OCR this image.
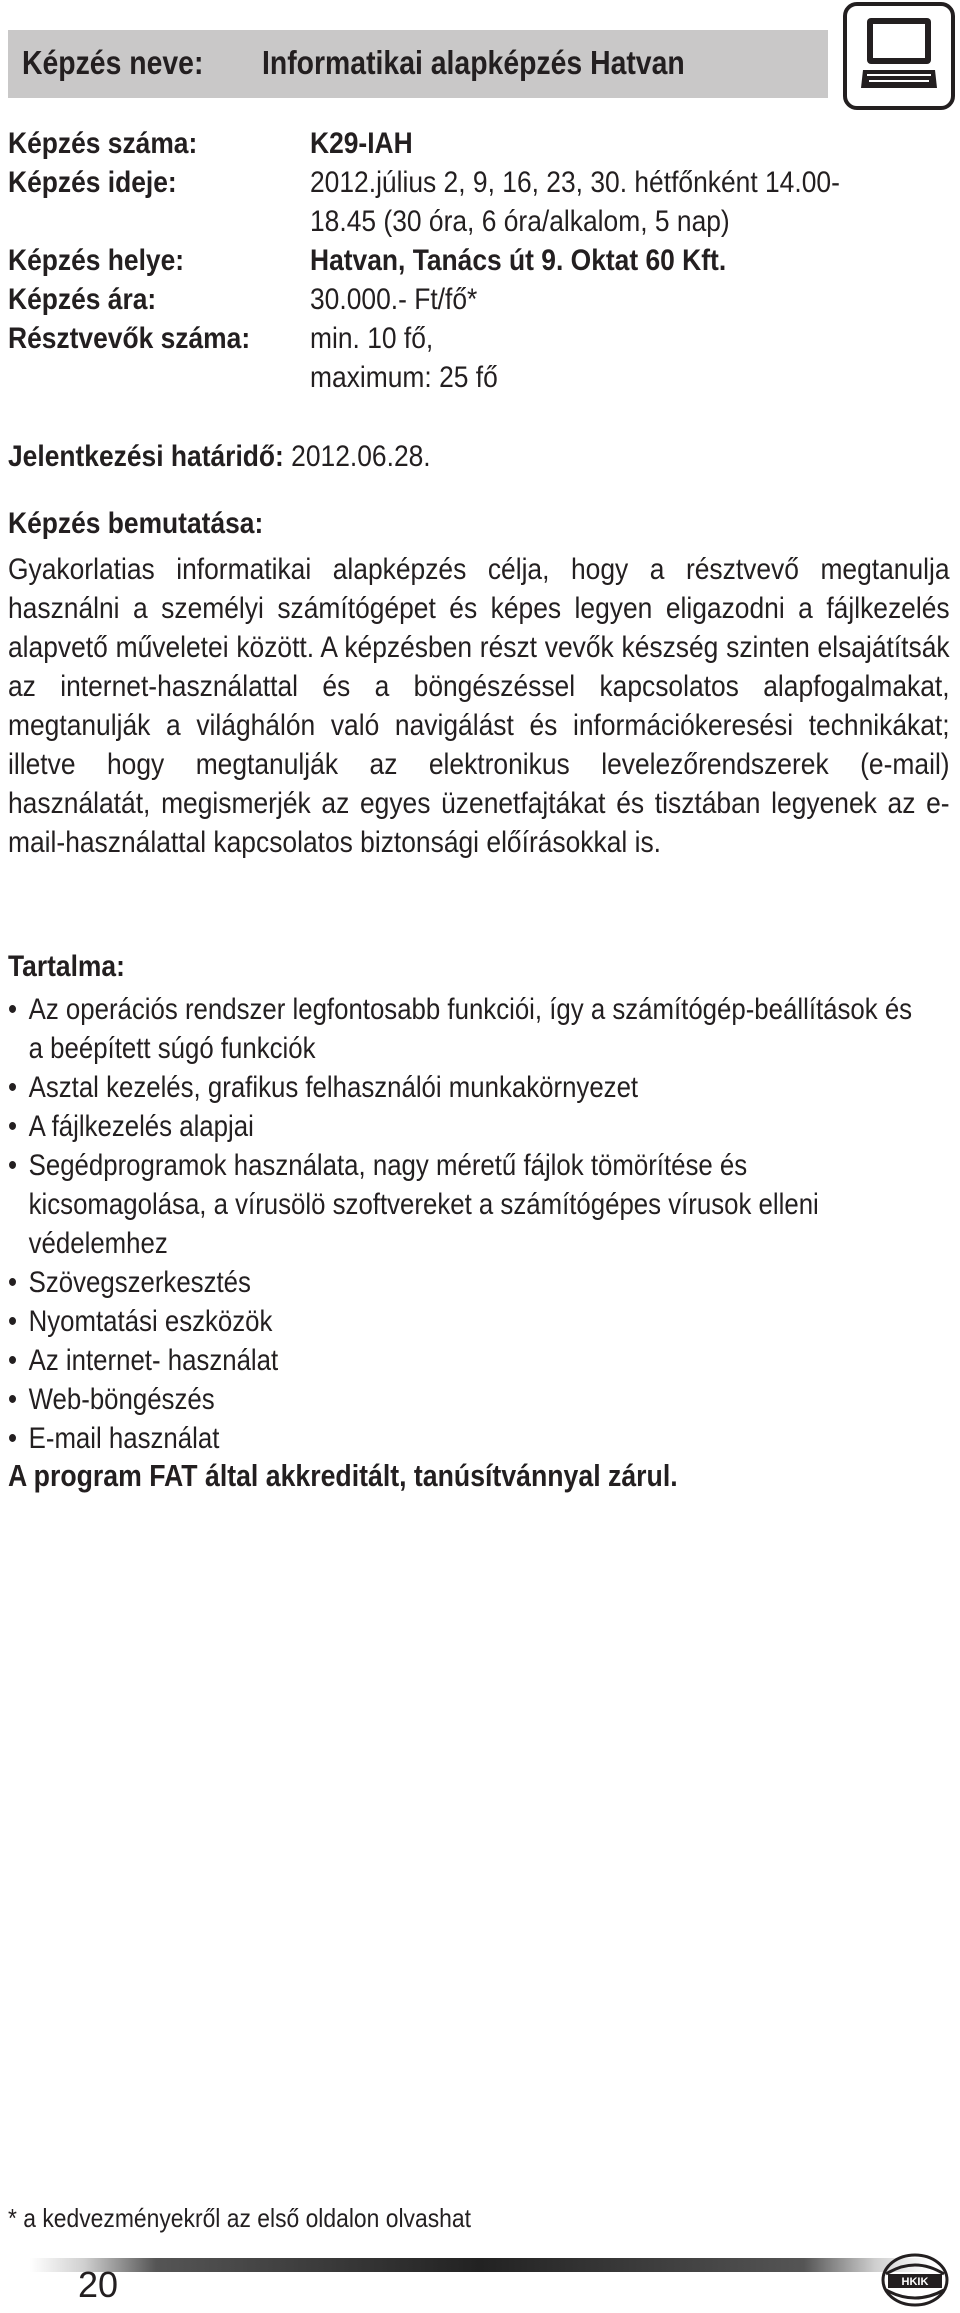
Képzés neve: Informatikai alapképzés Hatvan
Képzés száma:	K29-IAH
Képzés ideje:	2012.július 2, 9, 16, 23, 30. hétfőnként 14.00-
18.45 (30 óra, 6 óra/alkalom, 5 nap)
Képzés helye:	Hatvan, Tanács út 9. Oktat 60 Kft.
Képzés ára:	30.000.- Ft/fő*
Résztvevők száma: min. 10 fő,
maximum: 25 fő
Jelentkezési határidő: 2012.06.28.
Képzés bemutatása:

Gyakorlatias informatikai alapképzés célja, hogy a résztvevő megtanulja használni a személyi számítógépet és képes legyen eligazodni a fájlkezelés alapvető műveletei között. A képzésben részt vevők készség szinten elsajátítsák az internet-használattal és a böngészéssel kapcsolatos alapfogalmakat, megtanulják a világhálón való navigálást és információkeresési technikákat; illetve hogy megtanulják az elektronikus levelezőrendszerek (e-mail) használatát, megismerjék az egyes üzenetfajtákat és tisztában legyenek az e-mail-használattal kapcsolatos biztonsági előírásokkal is.

Tartalma:
• Az operációs rendszer legfontosabb funkciói, így a számítógép-beállítások és a beépített súgó funkciók
• Asztal kezelés, grafikus felhasználói munkakörnyezet
• A fájlkezelés alapjai
• Segédprogramok használata, nagy méretű fájlok tömörítése és kicsomagolása, a vírusölö szoftvereket a számítógépes vírusok elleni védelemhez
• Szövegszerkesztés
• Nyomtatási eszközök
• Az internet- használat
• Web-böngészés
• E-mail használat
A program FAT által akkreditált, tanúsítvánnyal zárul.
* a kedvezményekről az első oldalon olvashat
20	HKIK
